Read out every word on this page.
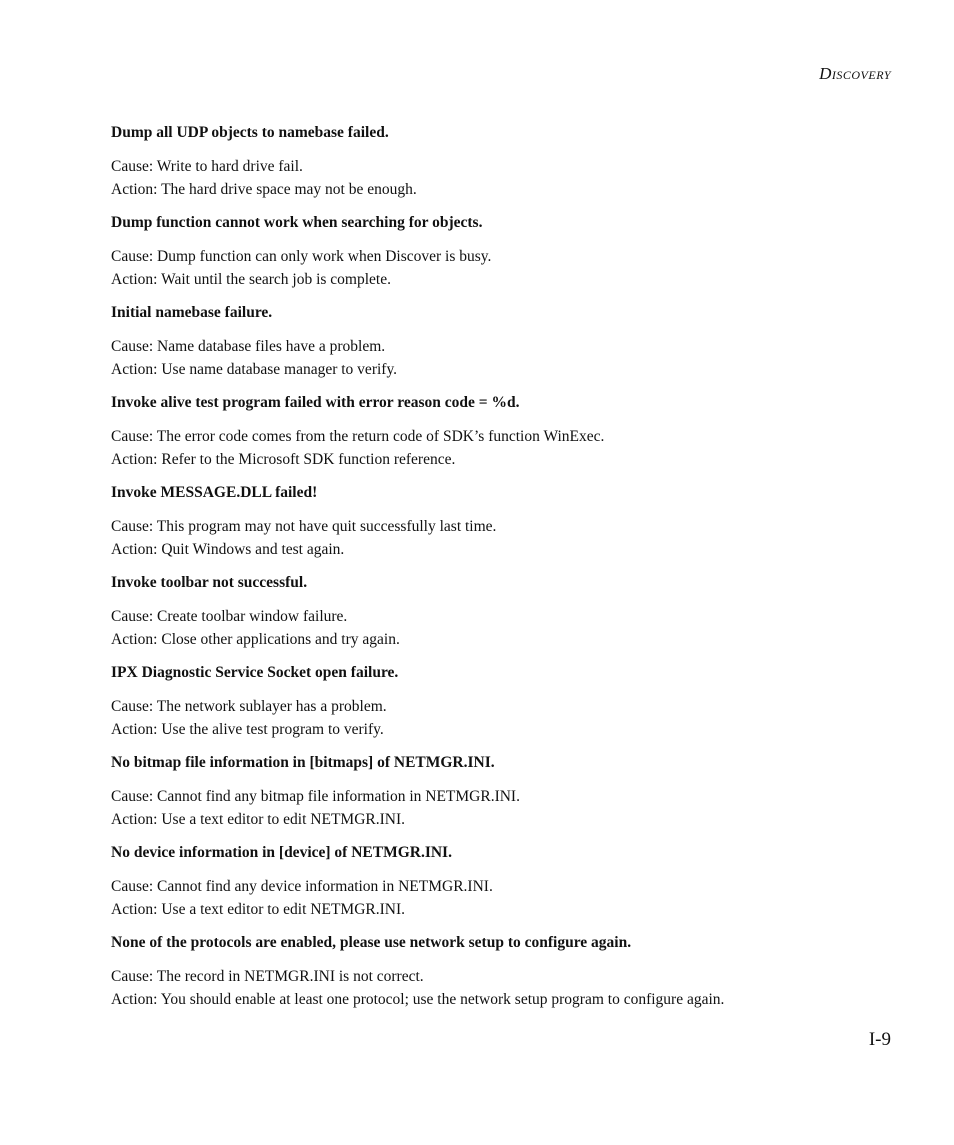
Discovery

Dump all UDP objects to namebase failed.

Cause: Write to hard drive fail.

Action: The hard drive space may not be enough.

Dump function cannot work when searching for objects.

Cause: Dump function can only work when Discover is busy.

Action: Wait until the search job is complete.

Initial namebase failure.

Cause: Name database files have a problem.

Action: Use name database manager to verify.

Invoke alive test program failed with error reason code = %d.

Cause: The error code comes from the return code of SDK’s function WinExec.

Action: Refer to the Microsoft SDK function reference.

Invoke MESSAGE.DLL failed!

Cause: This program may not have quit successfully last time.

Action: Quit Windows and test again.

Invoke toolbar not successful.

Cause: Create toolbar window failure.

Action: Close other applications and try again.

IPX Diagnostic Service Socket open failure.

Cause: The network sublayer has a problem.

Action: Use the alive test program to verify.

No bitmap file information in [bitmaps] of NETMGR.INI.

Cause: Cannot find any bitmap file information in NETMGR.INI.

Action: Use a text editor to edit NETMGR.INI.

No device information in [device] of NETMGR.INI.

Cause: Cannot find any device information in NETMGR.INI.

Action: Use a text editor to edit NETMGR.INI.

None of the protocols are enabled, please use network setup to configure again.

Cause: The record in NETMGR.INI is not correct.

Action: You should enable at least one protocol; use the network setup program to configure again.

I-9
